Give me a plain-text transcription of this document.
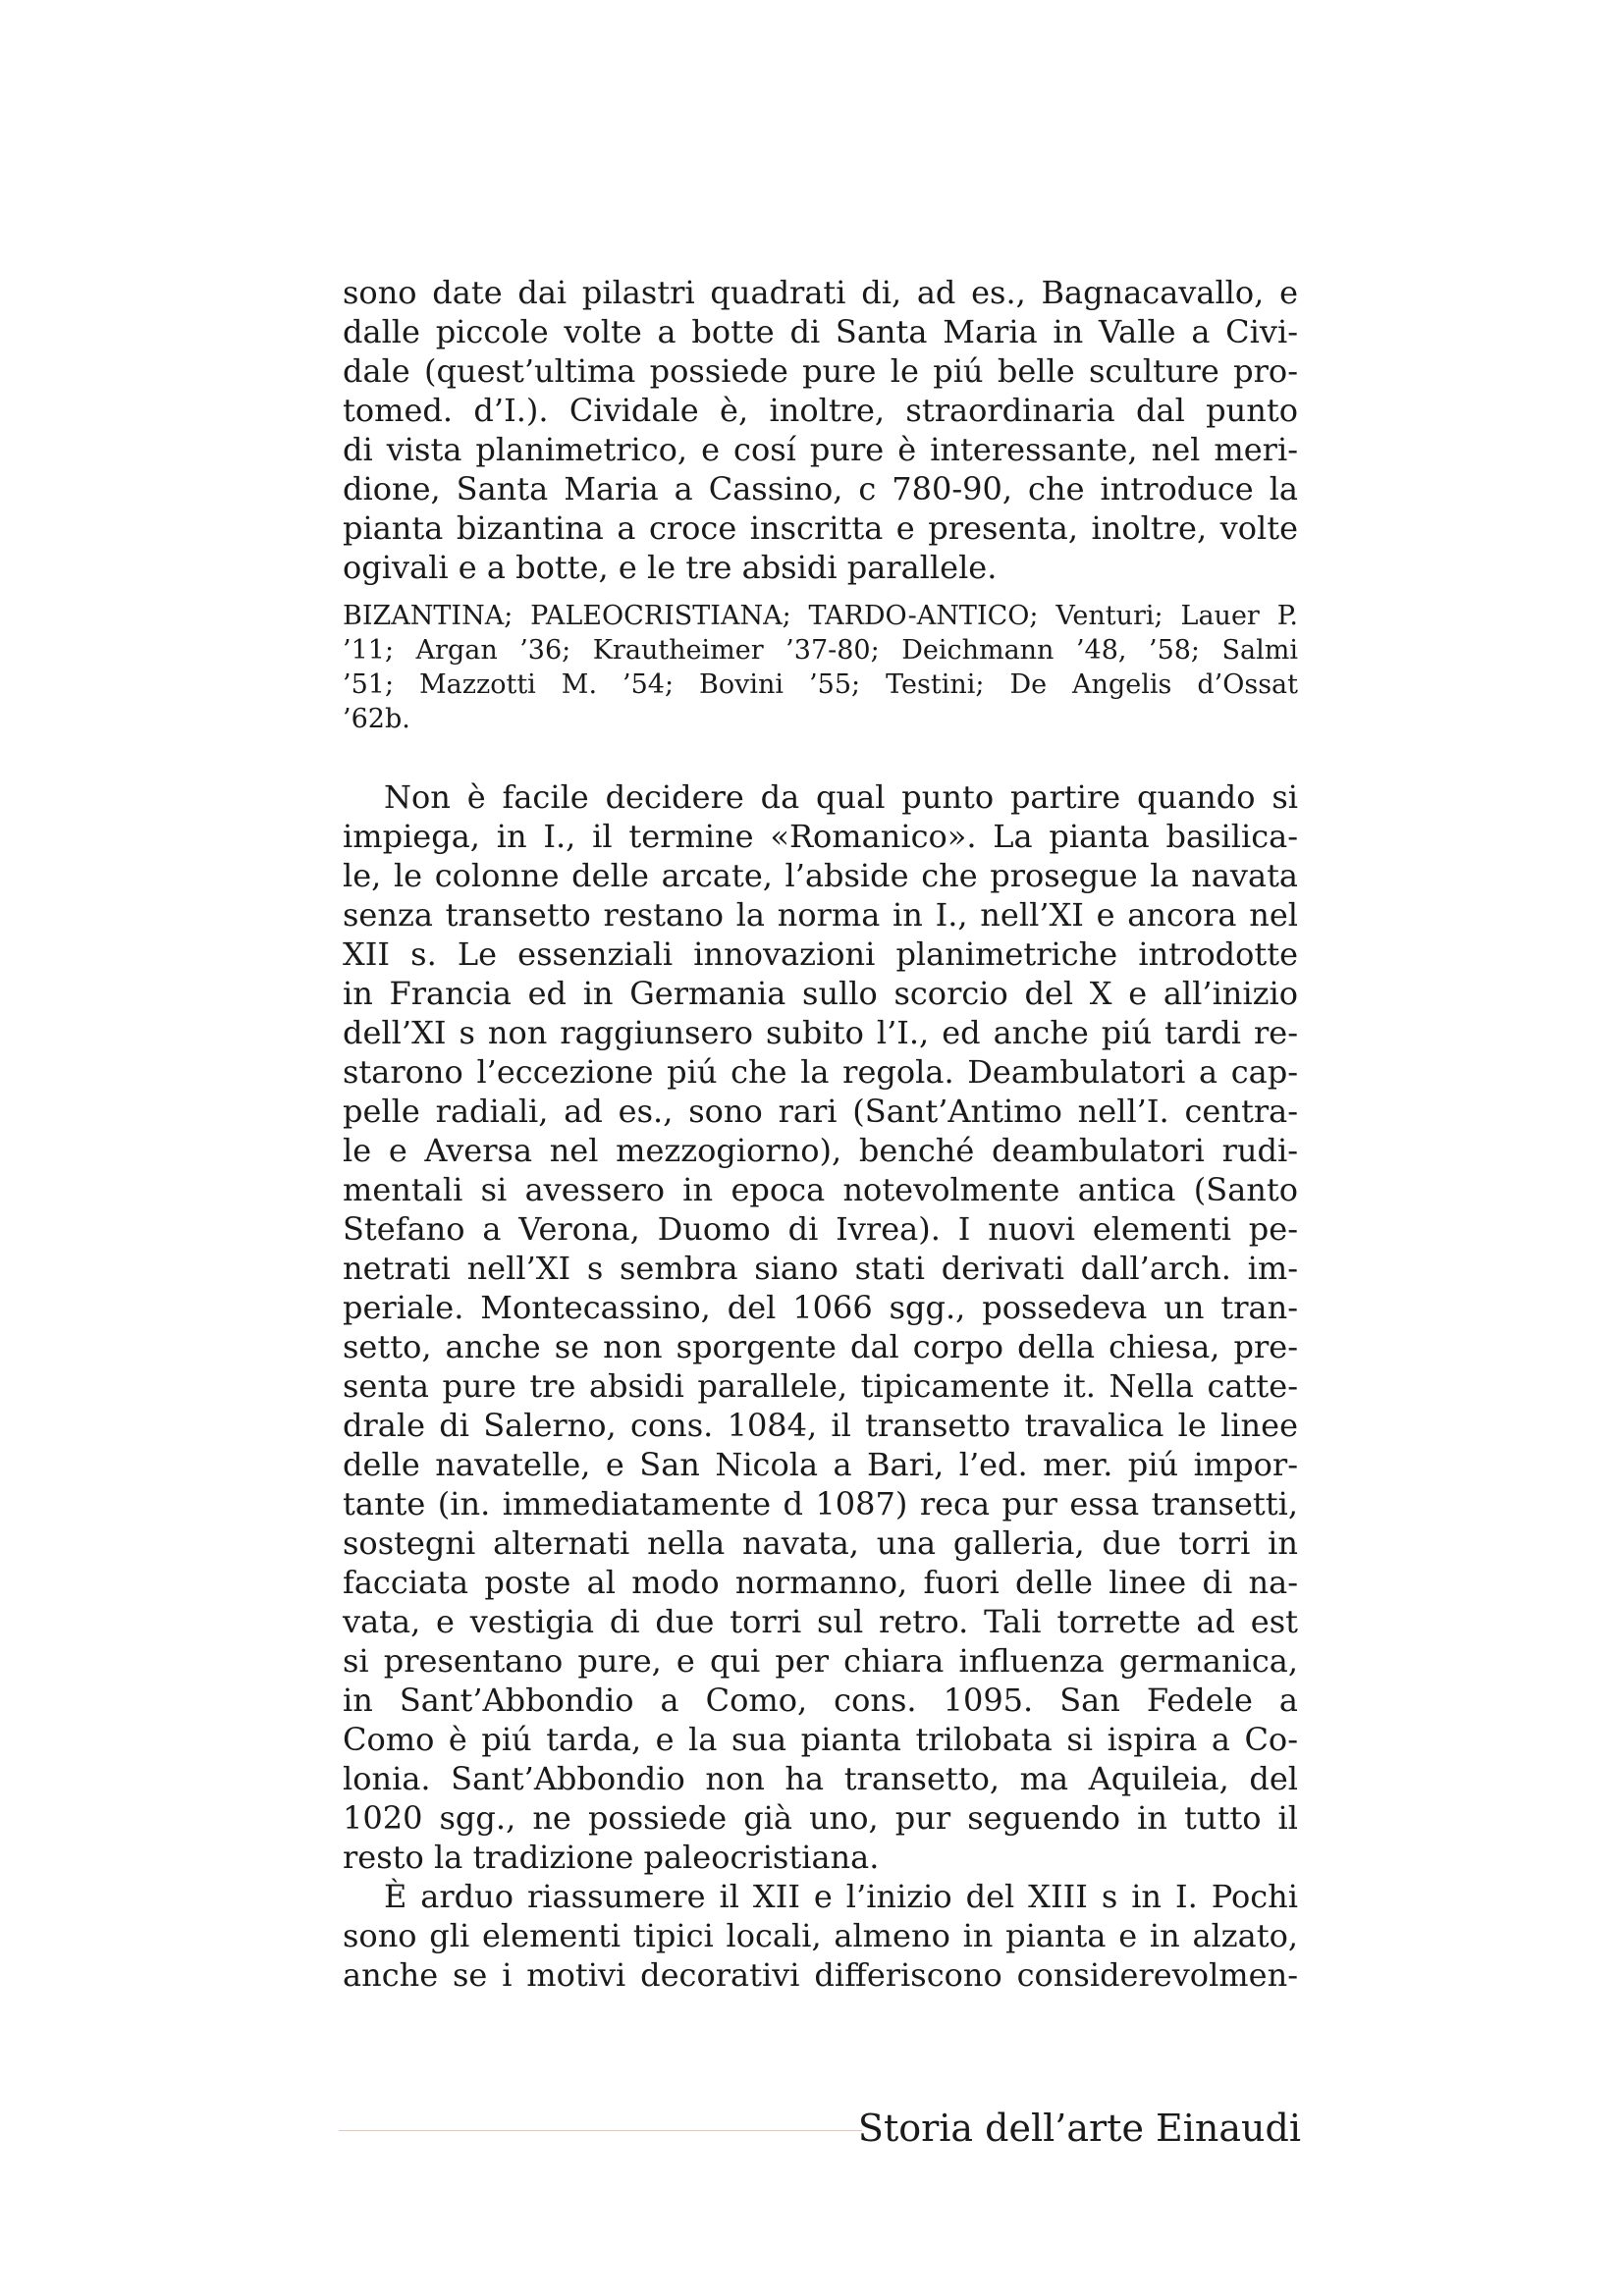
sono date dai pilastri quadrati di, ad es., Bagnacavallo, e
dalle piccole volte a botte di Santa Maria in Valle a Civi-
dale (quest’ultima possiede pure le piú belle sculture pro-
tomed. d’I.). Cividale è, inoltre, straordinaria dal punto
di vista planimetrico, e cosí pure è interessante, nel meri-
dione, Santa Maria a Cassino, c 780-90, che introduce la
pianta bizantina a croce inscritta e presenta, inoltre, volte
ogivali e a botte, e le tre absidi parallele.
BIZANTINA; PALEOCRISTIANA; TARDO-ANTICO; Venturi; Lauer P.
’11; Argan ’36; Krautheimer ’37-80; Deichmann ’48, ’58; Salmi
’51; Mazzotti M. ’54; Bovini ’55; Testini; De Angelis d’Ossat
’62b.
Non è facile decidere da qual punto partire quando si
impiega, in I., il termine «Romanico». La pianta basilica-
le, le colonne delle arcate, l’abside che prosegue la navata
senza transetto restano la norma in I., nell’XI e ancora nel
XII s. Le essenziali innovazioni planimetriche introdotte
in Francia ed in Germania sullo scorcio del X e all’inizio
dell’XI s non raggiunsero subito l’I., ed anche piú tardi re-
starono l’eccezione piú che la regola. Deambulatori a cap-
pelle radiali, ad es., sono rari (Sant’Antimo nell’I. centra-
le e Aversa nel mezzogiorno), benché deambulatori rudi-
mentali si avessero in epoca notevolmente antica (Santo
Stefano a Verona, Duomo di Ivrea). I nuovi elementi pe-
netrati nell’XI s sembra siano stati derivati dall’arch. im-
periale. Montecassino, del 1066 sgg., possedeva un tran-
setto, anche se non sporgente dal corpo della chiesa, pre-
senta pure tre absidi parallele, tipicamente it. Nella catte-
drale di Salerno, cons. 1084, il transetto travalica le linee
delle navatelle, e San Nicola a Bari, l’ed. mer. piú impor-
tante (in. immediatamente d 1087) reca pur essa transetti,
sostegni alternati nella navata, una galleria, due torri in
facciata poste al modo normanno, fuori delle linee di na-
vata, e vestigia di due torri sul retro. Tali torrette ad est
si presentano pure, e qui per chiara influenza germanica,
in Sant’Abbondio a Como, cons. 1095. San Fedele a
Como è piú tarda, e la sua pianta trilobata si ispira a Co-
lonia. Sant’Abbondio non ha transetto, ma Aquileia, del
1020 sgg., ne possiede già uno, pur seguendo in tutto il
resto la tradizione paleocristiana.
È arduo riassumere il XII e l’inizio del XIII s in I. Pochi
sono gli elementi tipici locali, almeno in pianta e in alzato,
anche se i motivi decorativi differiscono considerevolmen-
Storia dell’arte Einaudi
